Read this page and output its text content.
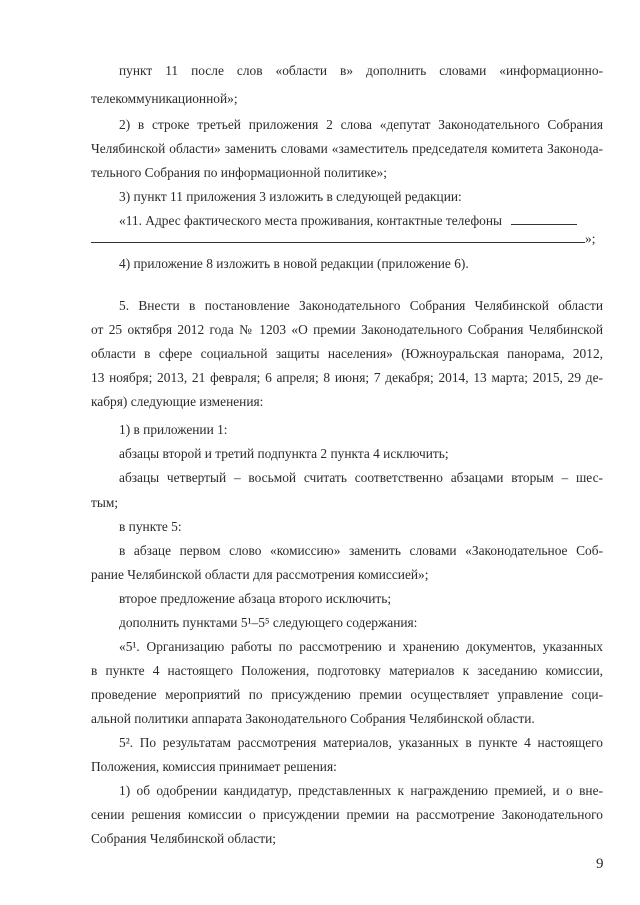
пункт 11 после слов «области в» дополнить словами «информационно-

телекоммуникационной»;

2) в строке третьей приложения 2 слова «депутат Законодательного Собрания

Челябинской области» заменить словами «заместитель председателя комитета Законода-

тельного Собрания по информационной политике»;

3) пункт 11 приложения 3 изложить в следующей редакции:

«11. Адрес фактического места проживания, контактные телефоны

»;

4) приложение 8 изложить в новой редакции (приложение 6).

5. Внести в постановление Законодательного Собрания Челябинской области

от 25 октября 2012 года № 1203 «О премии Законодательного Собрания Челябинской

области в сфере социальной защиты населения» (Южноуральская панорама, 2012,

13 ноября; 2013, 21 февраля; 6 апреля; 8 июня; 7 декабря; 2014, 13 марта; 2015, 29 де-

кабря) следующие изменения:

1) в приложении 1:

абзацы второй и третий подпункта 2 пункта 4 исключить;

абзацы четвертый – восьмой считать соответственно абзацами вторым – шес-

тым;

в пункте 5:

в абзаце первом слово «комиссию» заменить словами «Законодательное Соб-

рание Челябинской области для рассмотрения комиссией»;

второе предложение абзаца второго исключить;

дополнить пунктами 5¹–5⁵ следующего содержания:

«5¹. Организацию работы по рассмотрению и хранению документов, указанных

в пункте 4 настоящего Положения, подготовку материалов к заседанию комиссии,

проведение мероприятий по присуждению премии осуществляет управление соци-

альной политики аппарата Законодательного Собрания Челябинской области.

5². По результатам рассмотрения материалов, указанных в пункте 4 настоящего

Положения, комиссия принимает решения:

1) об одобрении кандидатур, представленных к награждению премией, и о вне-

сении решения комиссии о присуждении премии на рассмотрение Законодательного

Собрания Челябинской области;

9
